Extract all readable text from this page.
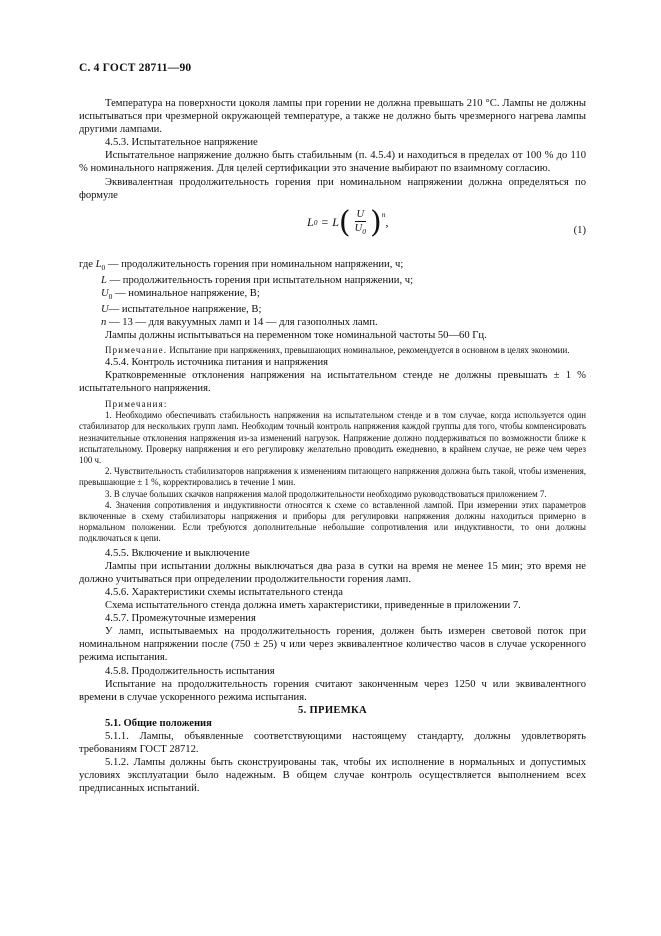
С. 4 ГОСТ 28711—90

Температура на поверхности цоколя лампы при горении не должна превышать 210 °С. Лампы не должны испытываться при чрезмерной окружающей температуре, а также не должно быть чрезмерного нагрева лампы другими лампами.

4.5.3. Испытательное напряжение

Испытательное напряжение должно быть стабильным (п. 4.5.4) и находиться в пределах от 100 % до 110 % номинального напряжения. Для целей сертификации это значение выбирают по взаимному согласию.

Эквивалентная продолжительность горения при номинальном напряжении должна определяться по формуле

L 0 = L ( $\frac{U}{U_0} )^n$
,
(1)

где $L_0$ — продолжительность горения при номинальном напряжении, ч;

L — продолжительность горения при испытательном напряжении, ч;

$U_0$ — номинальное напряжение, В;

U— испытательное напряжение, В;

n — 13 — для вакуумных ламп и 14 — для газополных ламп.

Лампы должны испытываться на переменном токе номинальной частоты 50—60 Гц.

Примечание. Испытание при напряжениях, превышающих номинальное, рекомендуется в основном в целях экономии.

4.5.4. Контроль источника питания и напряжения

Кратковременные отклонения напряжения на испытательном стенде не должны превышать ± 1 % испытательного напряжения.

Примечания:

1. Необходимо обеспечивать стабильность напряжения на испытательном стенде и в том случае, когда используется один стабилизатор для нескольких групп ламп. Необходим точный контроль напряжения каждой группы для того, чтобы компенсировать незначительные отклонения напряжения из-за изменений нагрузок. Напряжение должно поддерживаться по возможности ближе к испытательному. Проверку напряжения и его регулировку желательно проводить ежедневно, в крайнем случае, не реже чем через 100 ч.

2. Чувствительность стабилизаторов напряжения к изменениям питающего напряжения должна быть такой, чтобы изменения, превышающие ± 1 %, корректировались в течение 1 мин.

3. В случае больших скачков напряжения малой продолжительности необходимо руководствоваться приложением 7.

4. Значения сопротивления и индуктивности относятся к схеме со вставленной лампой. При измерении этих параметров включенные в схему стабилизаторы напряжения и приборы для регулировки напряжения должны находиться примерно в нормальном положении. Если требуются дополнительные небольшие сопротивления или индуктивности, то они должны подключаться к цепи.

4.5.5. Включение и выключение

Лампы при испытании должны выключаться два раза в сутки на время не менее 15 мин; это время не должно учитываться при определении продолжительности горения ламп.

4.5.6. Характеристики схемы испытательного стенда

Схема испытательного стенда должна иметь характеристики, приведенные в приложении 7.

4.5.7. Промежуточные измерения

У ламп, испытываемых на продолжительность горения, должен быть измерен световой поток при номинальном напряжении после (750 ± 25) ч или через эквивалентное количество часов в случае ускоренного режима испытания.

4.5.8. Продолжительность испытания

Испытание на продолжительность горения считают законченным через 1250 ч или эквивалентного времени в случае ускоренного режима испытания.

5. ПРИЕМКА

5.1. Общие положения

5.1.1. Лампы, объявленные соответствующими настоящему стандарту, должны удовлетворять требованиям ГОСТ 28712.

5.1.2. Лампы должны быть сконструированы так, чтобы их исполнение в нормальных и допустимых условиях эксплуатации было надежным. В общем случае контроль осуществляется выполнением всех предписанных испытаний.
